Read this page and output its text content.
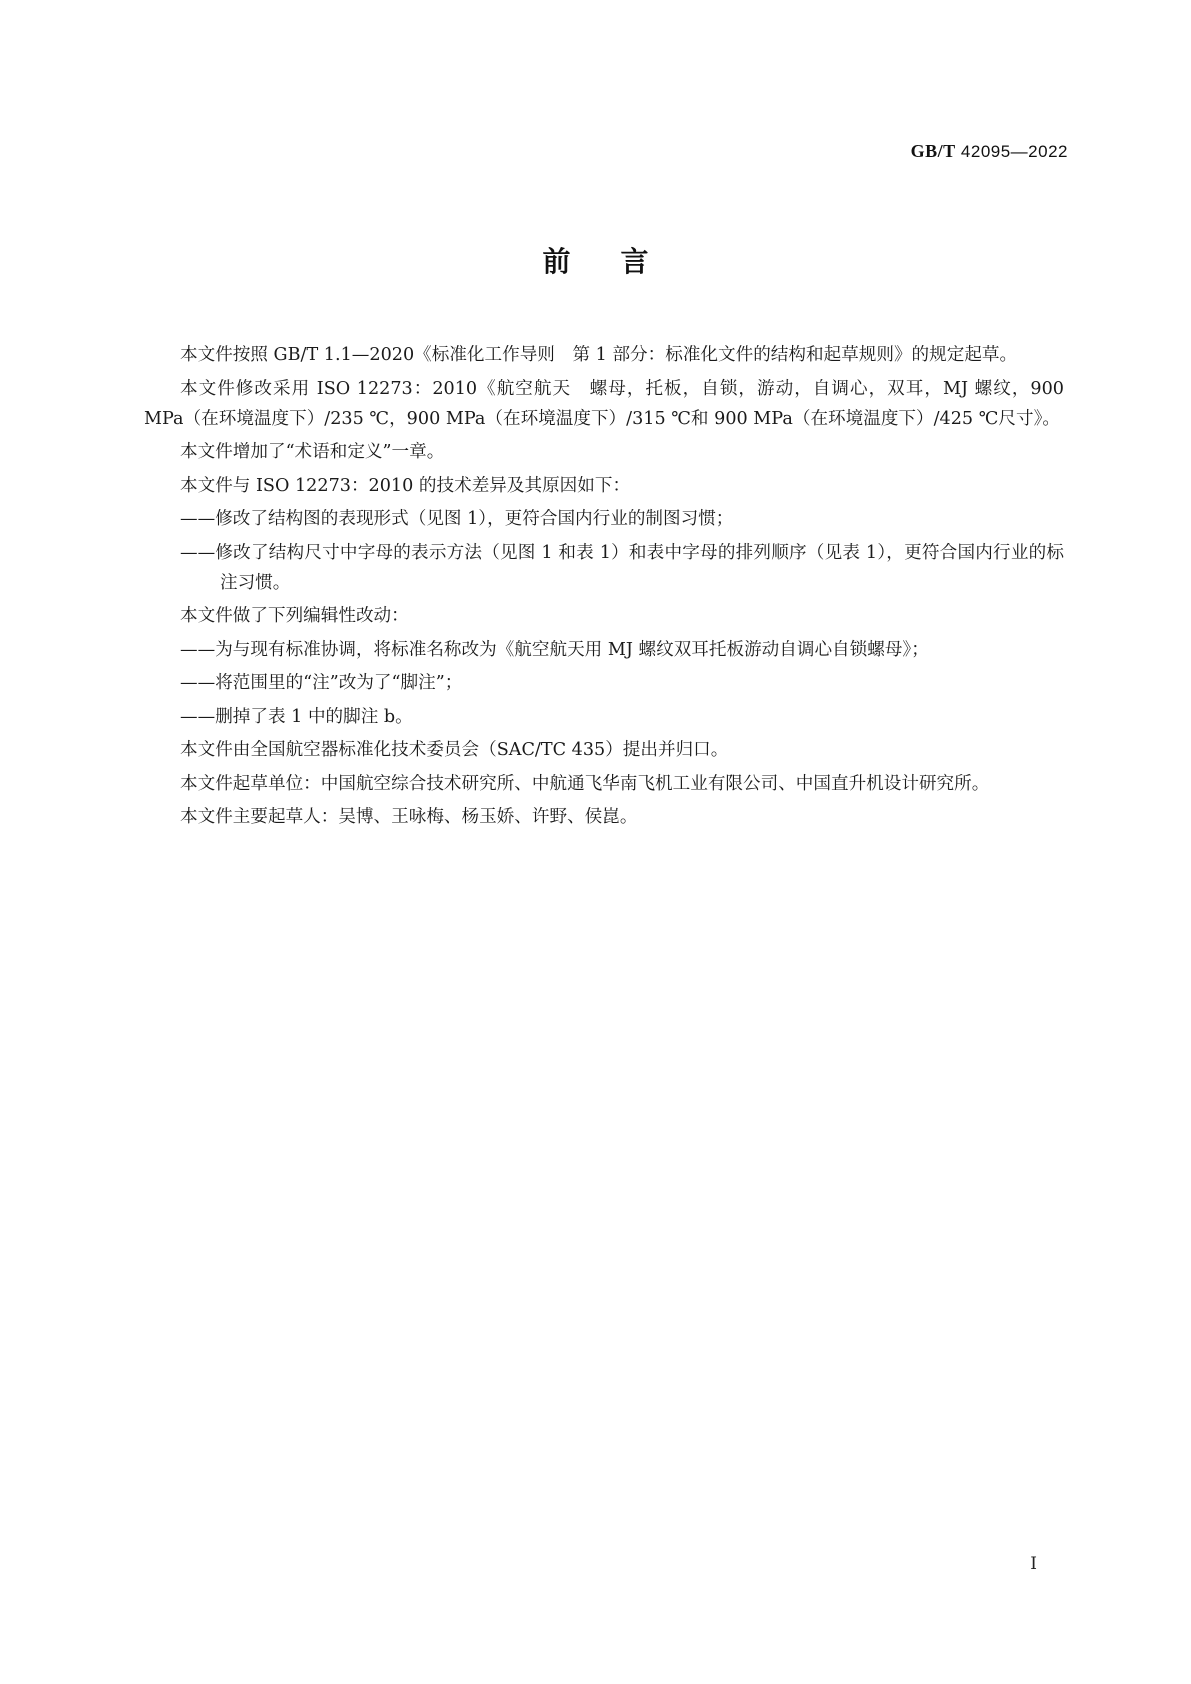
GB/T 42095—2022
前言

本文件按照 GB/T 1.1—2020《标准化工作导则　第 1 部分：标准化文件的结构和起草规则》的规定起草。

本文件修改采用 ISO 12273：2010《航空航天　螺母，托板，自锁，游动，自调心，双耳，MJ 螺纹，900 MPa（在环境温度下）/235 ℃，900 MPa（在环境温度下）/315 ℃和 900 MPa（在环境温度下）/425 ℃尺寸》。

本文件增加了“术语和定义”一章。

本文件与 ISO 12273：2010 的技术差异及其原因如下：

——修改了结构图的表现形式（见图 1），更符合国内行业的制图习惯；
——修改了结构尺寸中字母的表示方法（见图 1 和表 1）和表中字母的排列顺序（见表 1），更符合国内行业的标注习惯。

本文件做了下列编辑性改动：

——为与现有标准协调，将标准名称改为《航空航天用 MJ 螺纹双耳托板游动自调心自锁螺母》；
——将范围里的“注”改为了“脚注”；
——删掉了表 1 中的脚注 b。

本文件由全国航空器标准化技术委员会（SAC/TC 435）提出并归口。

本文件起草单位：中国航空综合技术研究所、中航通飞华南飞机工业有限公司、中国直升机设计研究所。

本文件主要起草人：吴博、王咏梅、杨玉娇、许野、侯崑。

I
